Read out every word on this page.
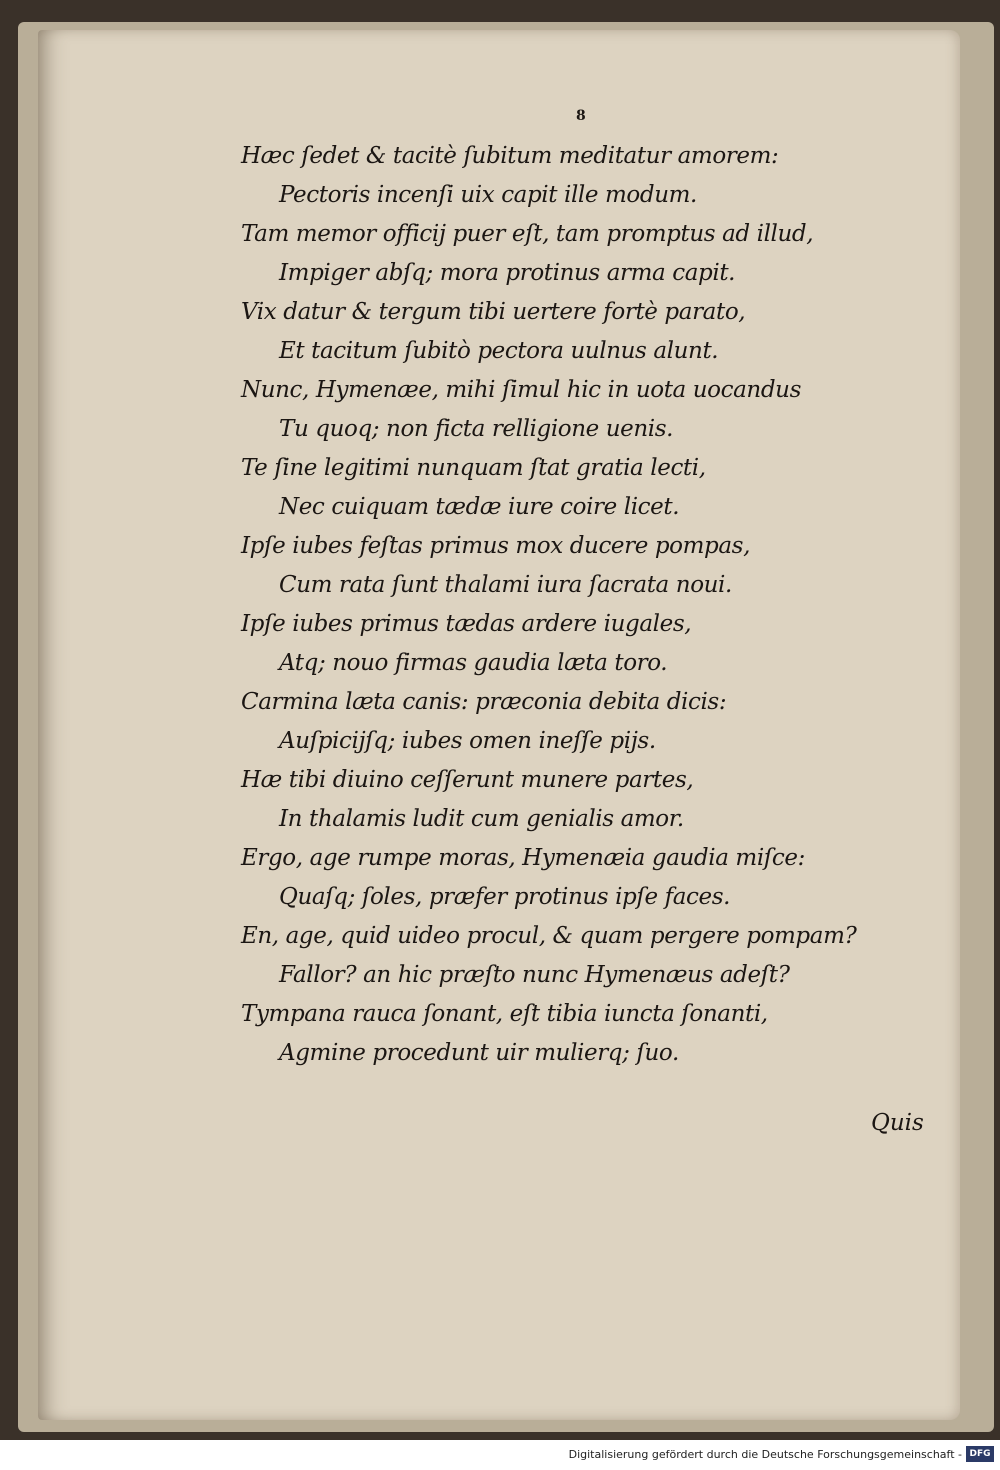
8
Hæc ſedet & tacitè ſubitum meditatur amorem:
Pectoris incenſi uix capit ille modum.
Tam memor officij puer eſt, tam promptus ad illud,
Impiger abſq; mora protinus arma capit.
Vix datur & tergum tibi uertere fortè parato,
Et tacitum ſubitò pectora uulnus alunt.
Nunc, Hymenæe, mihi ſimul hic in uota uocandus
Tu quoq; non ficta relligione uenis.
Te ſine legitimi nunquam ſtat gratia lecti,
Nec cuiquam tædæ iure coire licet.
Ipſe iubes feſtas primus mox ducere pompas,
Cum rata ſunt thalami iura ſacrata noui.
Ipſe iubes primus tædas ardere iugales,
Atq; nouo firmas gaudia læta toro.
Carmina læta canis: præconia debita dicis:
Auſpicijſq; iubes omen ineſſe pijs.
Hæ tibi diuino ceſſerunt munere partes,
In thalamis ludit cum genialis amor.
Ergo, age rumpe moras, Hymenæia gaudia miſce:
Quaſq; ſoles, præfer protinus ipſe faces.
En, age, quid uideo procul, & quam pergere pompam?
Fallor? an hic præſto nunc Hymenæus adeſt?
Tympana rauca ſonant, eſt tibia iuncta ſonanti,
Agmine procedunt uir mulierq; ſuo.
Quis
Digitalisierung gefördert durch die Deutsche Forschungsgemeinschaft - DFG
